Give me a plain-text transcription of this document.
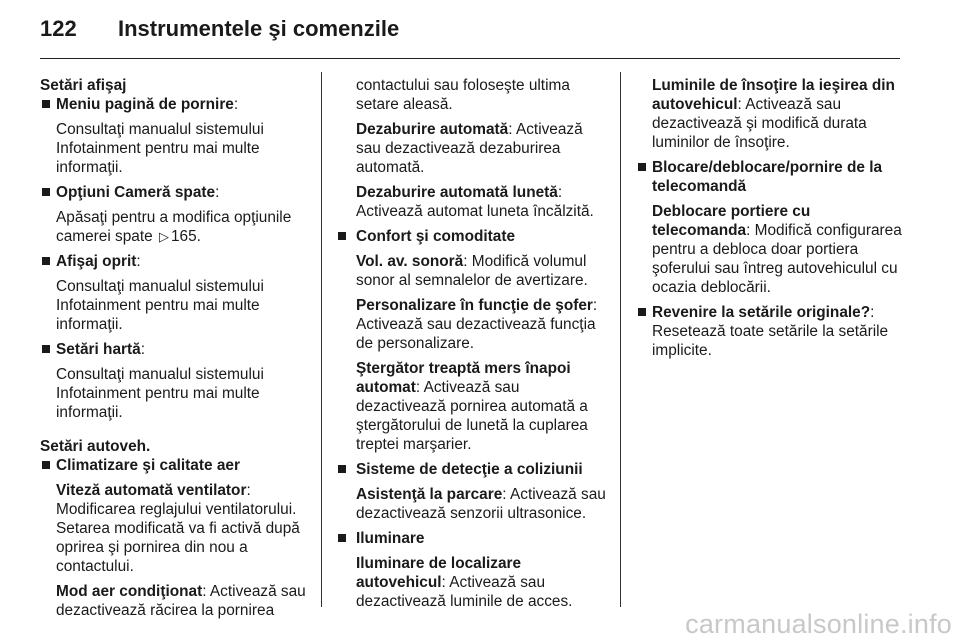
122 Instrumentele şi comenzile
Setări afişaj
Meniu pagină de pornire:
Consultaţi manualul sistemului Infotainment pentru mai multe informaţii.
Opţiuni Cameră spate:
Apăsaţi pentru a modifica opţiunile camerei spate ▷ 165.
Afişaj oprit:
Consultaţi manualul sistemului Infotainment pentru mai multe informaţii.
Setări hartă:
Consultaţi manualul sistemului Infotainment pentru mai multe informaţii.
Setări autoveh.
Climatizare şi calitate aer
Viteză automată ventilator:
Modificarea reglajului ventilatorului. Setarea modificată va fi activă după oprirea şi pornirea din nou a contactului.
Mod aer condiţionat: Activează sau dezactivează răcirea la pornirea
contactului sau foloseşte ultima setare aleasă.
Dezaburire automată: Activează sau dezactivează dezaburirea automată.
Dezaburire automată lunetă: Activează automat luneta încălzită.
Confort şi comoditate
Vol. av. sonoră: Modifică volumul sonor al semnalelor de avertizare.
Personalizare în funcţie de şofer: Activează sau dezactivează funcţia de personalizare.
Ştergător treaptă mers înapoi automat: Activează sau dezactivează pornirea automată a ştergătorului de lunetă la cuplarea treptei marşarier.
Sisteme de detecţie a coliziunii
Asistenţă la parcare: Activează sau dezactivează senzorii ultrasonice.
Iluminare
Iluminare de localizare autovehicul: Activează sau dezactivează luminile de acces.
Luminile de însoţire la ieşirea din autovehicul: Activează sau dezactivează şi modifică durata luminilor de însoţire.
Blocare/deblocare/pornire de la telecomandă
Deblocare portiere cu telecomanda: Modifică configurarea pentru a debloca doar portiera şoferului sau întreg autovehiculul cu ocazia deblocării.
Revenire la setările originale?: Resetează toate setările la setările implicite.
carmanualsonline.info
